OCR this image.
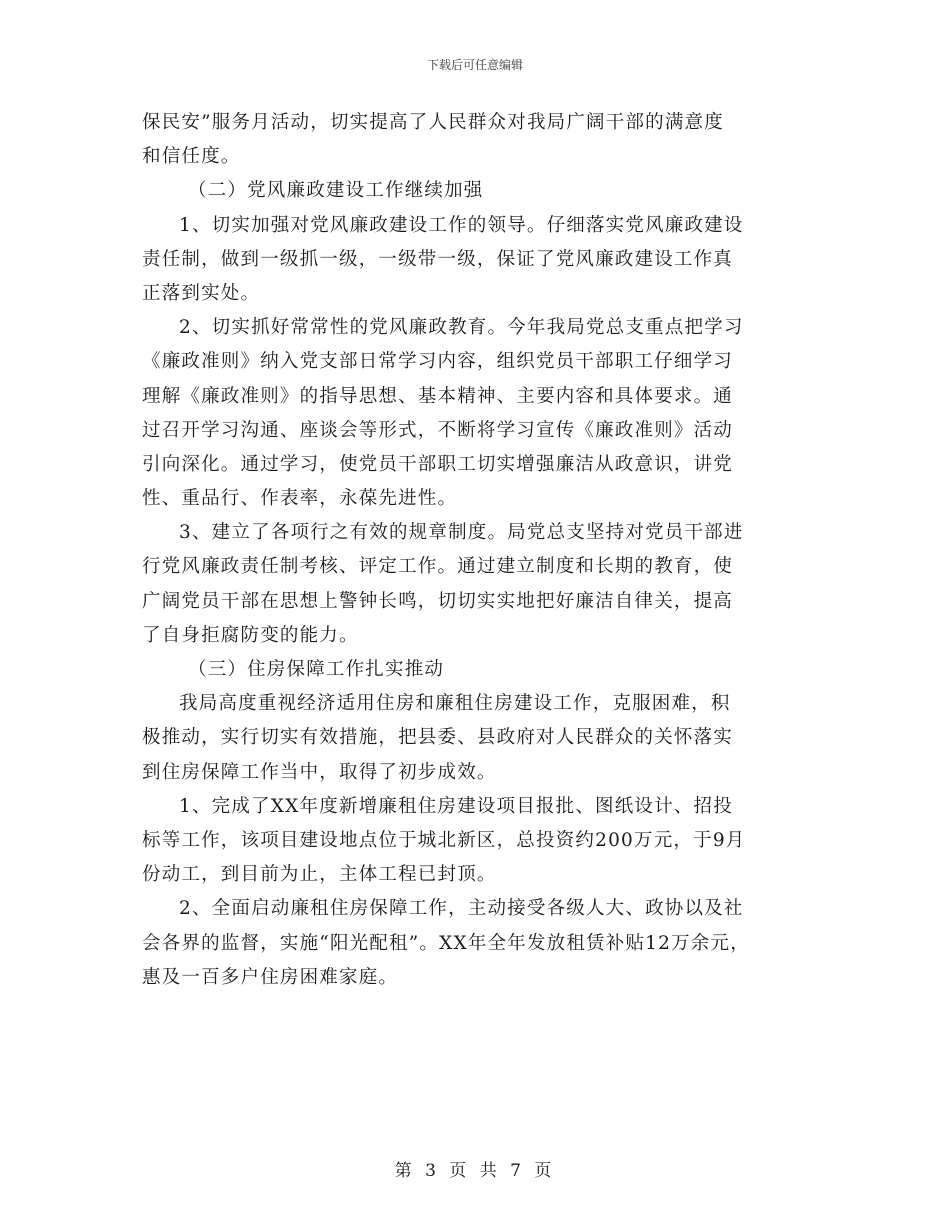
下载后可任意编辑
保民安”服务月活动，切实提高了人民群众对我局广阔干部的满意度
和信任度。
（二）党风廉政建设工作继续加强
1、切实加强对党风廉政建设工作的领导。仔细落实党风廉政建设
责任制，做到一级抓一级，一级带一级，保证了党风廉政建设工作真
正落到实处。
2、切实抓好常常性的党风廉政教育。今年我局党总支重点把学习
《廉政准则》纳入党支部日常学习内容，组织党员干部职工仔细学习
理解《廉政准则》的指导思想、基本精神、主要内容和具体要求。通
过召开学习沟通、座谈会等形式，不断将学习宣传《廉政准则》活动
引向深化。通过学习，使党员干部职工切实增强廉洁从政意识，讲党
性、重品行、作表率，永葆先进性。
3、建立了各项行之有效的规章制度。局党总支坚持对党员干部进
行党风廉政责任制考核、评定工作。通过建立制度和长期的教育，使
广阔党员干部在思想上警钟长鸣，切切实实地把好廉洁自律关，提高
了自身拒腐防变的能力。
（三）住房保障工作扎实推动
我局高度重视经济适用住房和廉租住房建设工作，克服困难，积
极推动，实行切实有效措施，把县委、县政府对人民群众的关怀落实
到住房保障工作当中，取得了初步成效。
1、完成了XX年度新增廉租住房建设项目报批、图纸设计、招投
标等工作，该项目建设地点位于城北新区，总投资约200万元，于9月
份动工，到目前为止，主体工程已封顶。
2、全面启动廉租住房保障工作，主动接受各级人大、政协以及社
会各界的监督，实施“阳光配租”。XX年全年发放租赁补贴12万余元，
惠及一百多户住房困难家庭。
第 3 页 共 7 页
